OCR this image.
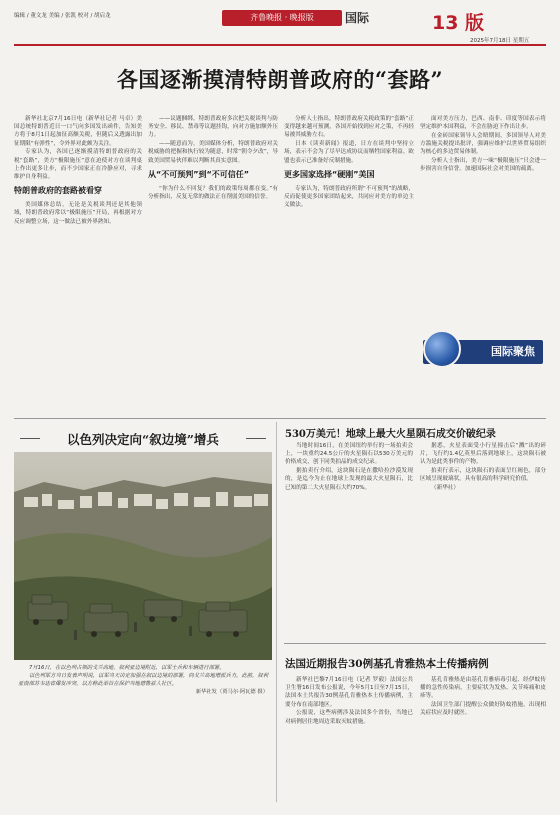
编辑 / 董文龙 美编 / 张凯 校对 / 胡启龙	齐鲁晚报 · 晚报版	国际	13 版
2025年7月18日 星期五
各国逐渐摸清特朗普政府的“套路”

新华社北京7月16日电（新华社记者 马卓）美国总统特朗普近日一口气向多国发出函件，告知美方将于8月1日起加征高额关税，但随后又透露出加征期限“有弹性”，令外界对此颇为关注。

专家认为，各国已逐渐摸清特朗普政府的关税“套路”，美方“极限施压”意在迫使对方在谈判桌上作出更多让步，而不少国家正在冷静应对，寻求维护自身利益。

特朗普政府的套路被看穿

美国媒体总结，无论是关税谈判还是其他领域，特朗普政府常以“极限施压”开局，再根据对方反应调整立场，这一做法已被外界熟知。

——议题捆绑。特朗普政府多次把关税谈判与防务安全、移民、禁毒等议题挂钩，向对方施加额外压力。

——随意而为。美国媒体分析，特朗普政府对关税威胁的把握和执行较为随意，时常“朝令夕改”，导致美国贸易伙伴难以判断其真实意图。

从“不可预判”到“不可信任”

“你为什么不回复？我们的政策每周都在变。”有分析指出，反复无常的做法正在削弱美国的信誉。

分析人士指出，特朗普政府关税政策的“套路”正变得越来越可预测，各国开始找到应对之策，不再轻易被其威胁左右。

日本《读卖新闻》报道，日方在谈判中坚持立场，表示不会为了尽早达成协议而牺牲国家利益。欧盟也表示已准备好反制措施。

更多国家选择“硬刚”美国

专家认为，特朗普政府所谓“不可预判”的战略，反而促使更多国家团结起来，共同应对美方的单边主义做法。

面对美方压力，巴西、南非、印度等国表示将坚定维护本国利益，不会在胁迫下作出让步。

在金砖国家领导人会晤期间，多国领导人对美方滥施关税提出批评，强调应维护以世界贸易组织为核心的多边贸易体制。

分析人士指出，美方一味“极限施压”只会进一步损害自身信誉，加速国际社会对美国的疏离。

国际聚焦
以色列决定向“叙边境”增兵

7月16日，在以色列占领的戈兰高地，叙利亚边境附近，以军士兵和车辆进行部署。

以色列军方当日发表声明说，以军当天决定加强在叙以边境的部署，向戈兰高地增派兵力。此前，叙利亚南部苏韦达省爆发冲突，以方称此举旨在保护当地德鲁兹人社区。

新华社发（贾马尔·阿瓦德 摄）

530万美元！地球上最大火星陨石成交价破纪录

当地时间16日，在美国纽约举行的一场拍卖会上，一块重约24.5公斤的火星陨石以530万美元的价格成交，创下同类拍品的成交纪录。

据拍卖行介绍，这块陨石是在撒哈拉沙漠发现的，是迄今为止在地球上发现的最大火星陨石，比已知的第二大火星陨石大约70%。

据悉，火星表面受小行星撞击后“溅”出的碎片，飞行约1.4亿英里后落到地球上，这块陨石被认为是此类事件的产物。

拍卖行表示，这块陨石的表面呈红褐色，部分区域呈现玻璃状，具有很高的科学研究价值。

（新华社）

法国近期报告30例基孔肯雅热本土传播病例

新华社巴黎7月16日电（记者 罗毅）法国公共卫生署16日发布公报说，今年5月1日至7月15日，法国本土共报告30例基孔肯雅热本土传播病例，主要分布在南部地区。

公报说，这些病例涉及法国多个省份，当地已对病例居住地周边采取灭蚊措施。

基孔肯雅热是由基孔肯雅病毒引起、经伊蚊传播的急性传染病，主要症状为发热、关节疼痛和皮疹等。

法国卫生部门提醒公众做好防蚊措施，出现相关症状应及时就医。
